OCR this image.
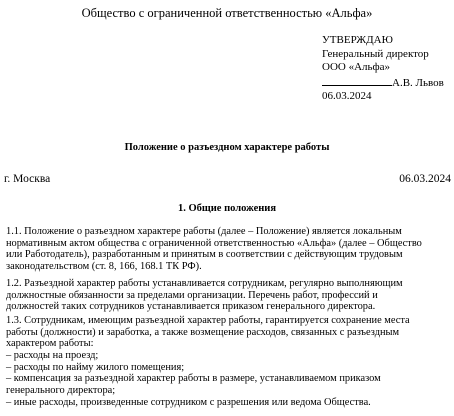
Общество с ограниченной ответственностью «Альфа»
УТВЕРЖДАЮ
Генеральный директор
ООО «Альфа»
А.В. Львов
06.03.2024
Положение о разъездном характере работы
г. Москва	06.03.2024
1. Общие положения

1.1. Положение о разъездном характере работы (далее – Положение) является локальным
нормативным актом общества с ограниченной ответственностью «Альфа» (далее – Общество
или Работодатель), разработанным и принятым в соответствии с действующим трудовым
законодательством (ст. 8, 166, 168.1 ТК РФ).

1.2. Разъездной характер работы устанавливается сотрудникам, регулярно выполняющим
должностные обязанности за пределами организации. Перечень работ, профессий и
должностей таких сотрудников устанавливается приказом генерального директора.

1.3. Сотрудникам, имеющим разъездной характер работы, гарантируется сохранение места
работы (должности) и заработка, а также возмещение расходов, связанных с разъездным
характером работы:
– расходы на проезд;
– расходы по найму жилого помещения;
– компенсация за разъездной характер работы в размере, устанавливаемом приказом
генерального директора;
– иные расходы, произведенные сотрудником с разрешения или ведома Общества.
